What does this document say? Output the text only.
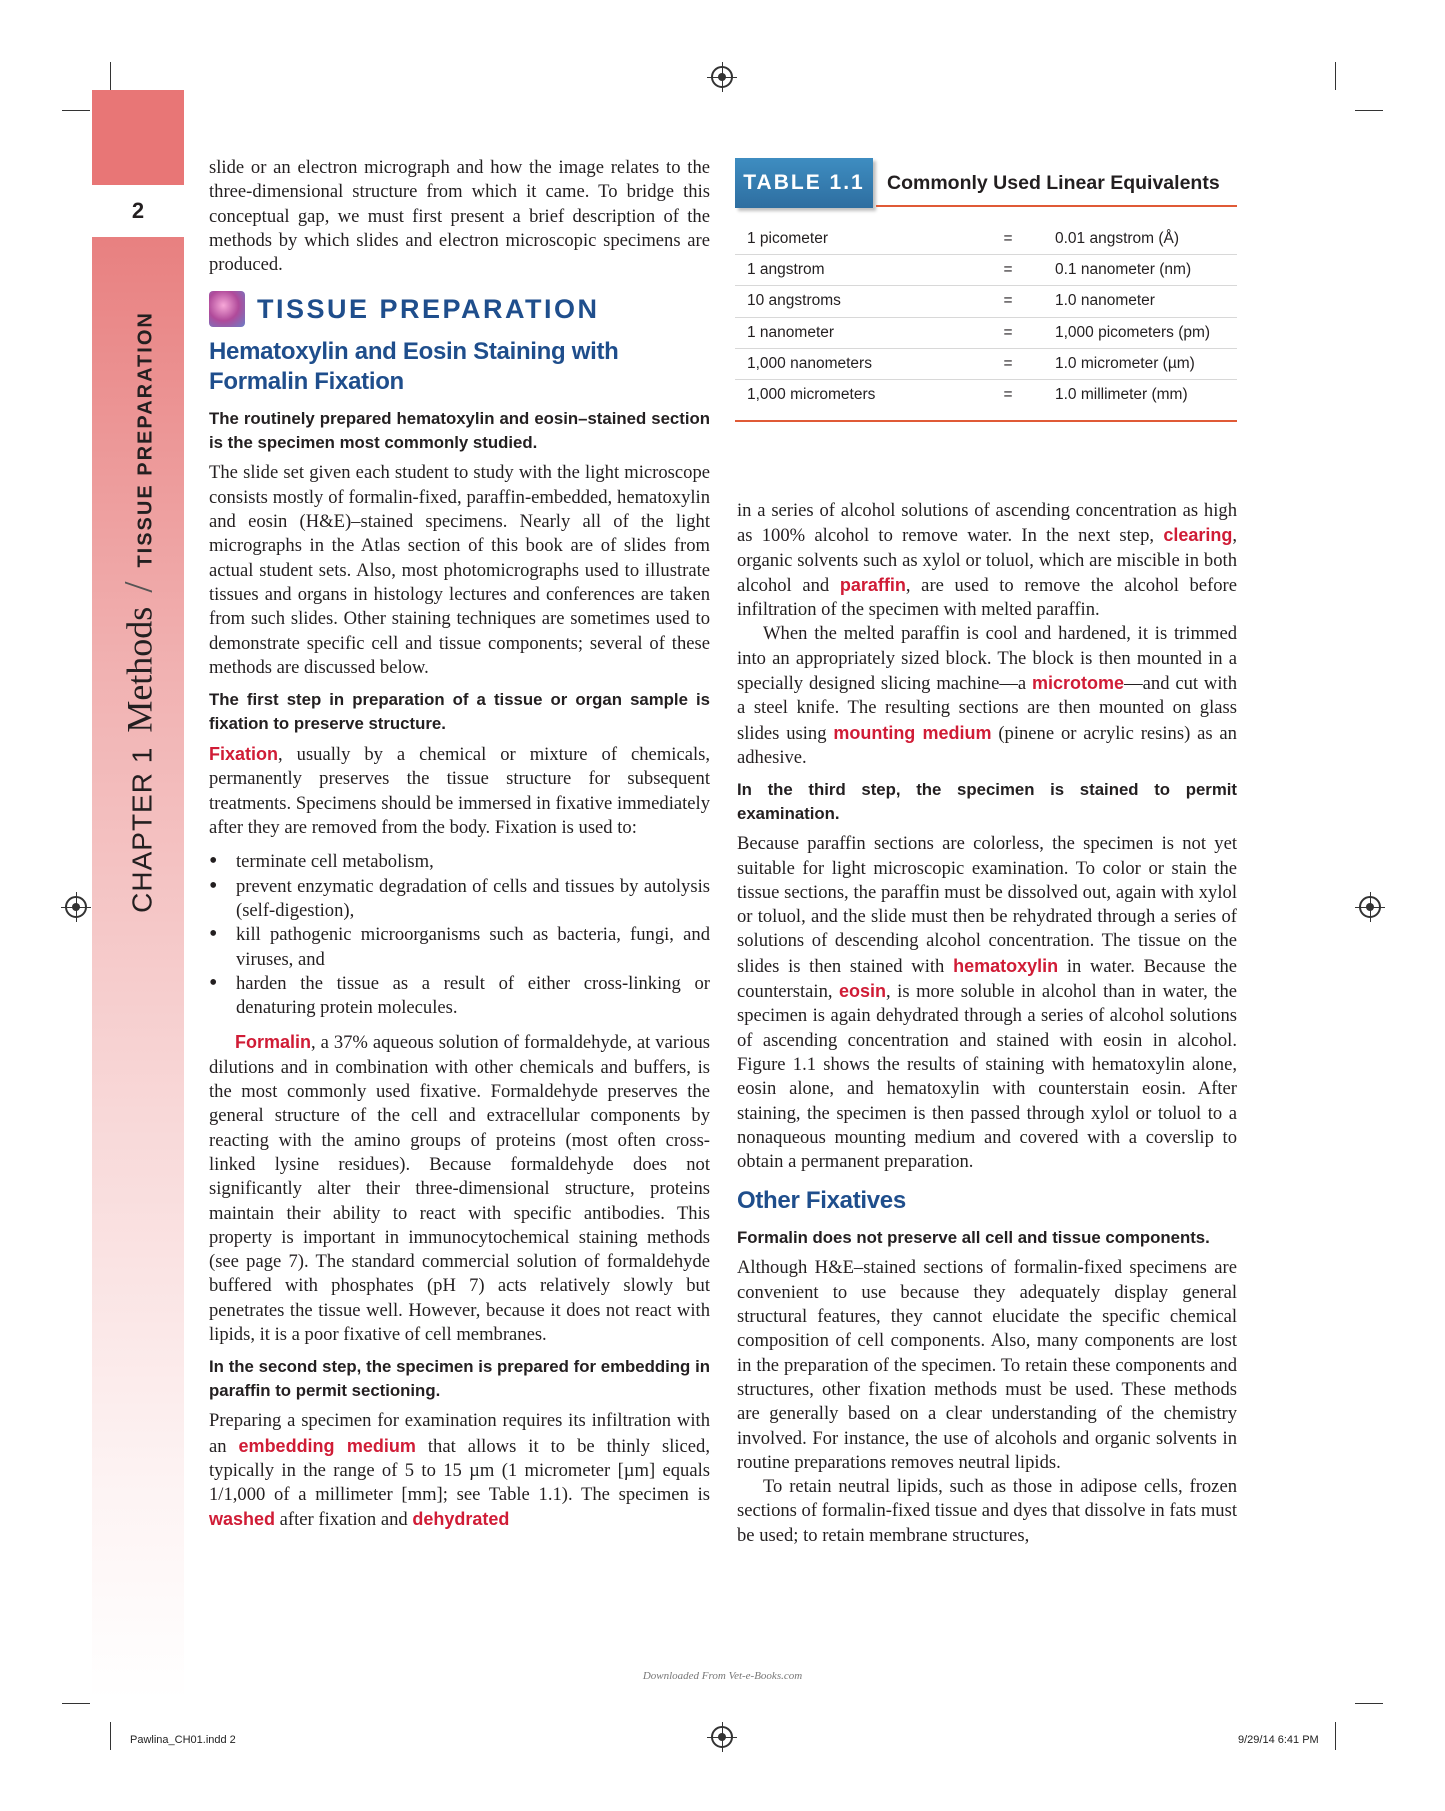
2
CHAPTER 1
Methods
/
TISSUE PREPARATION

slide or an electron micrograph and how the image relates to the three-dimensional structure from which it came. To bridge this conceptual gap, we must first present a brief description of the methods by which slides and electron microscopic specimens are produced.

TISSUE PREPARATION
Hematoxylin and Eosin Staining with Formalin Fixation
The routinely prepared hematoxylin and eosin–stained section is the specimen most commonly studied.

The slide set given each student to study with the light microscope consists mostly of formalin-fixed, paraffin-embedded, hematoxylin and eosin (H&E)–stained specimens. Nearly all of the light micrographs in the Atlas section of this book are of slides from actual student sets. Also, most photomicrographs used to illustrate tissues and organs in histology lectures and conferences are taken from such slides. Other staining techniques are sometimes used to demonstrate specific cell and tissue components; several of these methods are discussed below.

The first step in preparation of a tissue or organ sample is fixation to preserve structure.

Fixation, usually by a chemical or mixture of chemicals, permanently preserves the tissue structure for subsequent treatments. Specimens should be immersed in fixative immediately after they are removed from the body. Fixation is used to:

• terminate cell metabolism,
• prevent enzymatic degradation of cells and tissues by autolysis (self-digestion),
• kill pathogenic microorganisms such as bacteria, fungi, and viruses, and
• harden the tissue as a result of either cross-linking or denaturing protein molecules.

Formalin, a 37% aqueous solution of formaldehyde, at various dilutions and in combination with other chemicals and buffers, is the most commonly used fixative. Formaldehyde preserves the general structure of the cell and extracellular components by reacting with the amino groups of proteins (most often cross-linked lysine residues). Because formaldehyde does not significantly alter their three-dimensional structure, proteins maintain their ability to react with specific antibodies. This property is important in immunocytochemical staining methods (see page 7). The standard commercial solution of formaldehyde buffered with phosphates (pH 7) acts relatively slowly but penetrates the tissue well. However, because it does not react with lipids, it is a poor fixative of cell membranes.

In the second step, the specimen is prepared for embedding in paraffin to permit sectioning.

Preparing a specimen for examination requires its infiltration with an embedding medium that allows it to be thinly sliced, typically in the range of 5 to 15 µm (1 micrometer [µm] equals 1/1,000 of a millimeter [mm]; see Table 1.1). The specimen is washed after fixation and dehydrated

TABLE 1.1	Commonly Used Linear Equivalents
1 picometer	=	0.01 angstrom (Å)
1 angstrom	=	0.1 nanometer (nm)
10 angstroms	=	1.0 nanometer
1 nanometer	=	1,000 picometers (pm)
1,000 nanometers	=	1.0 micrometer (µm)
1,000 micrometers	=	1.0 millimeter (mm)

in a series of alcohol solutions of ascending concentration as high as 100% alcohol to remove water. In the next step, clearing, organic solvents such as xylol or toluol, which are miscible in both alcohol and paraffin, are used to remove the alcohol before infiltration of the specimen with melted paraffin.

When the melted paraffin is cool and hardened, it is trimmed into an appropriately sized block. The block is then mounted in a specially designed slicing machine—a microtome—and cut with a steel knife. The resulting sections are then mounted on glass slides using mounting medium (pinene or acrylic resins) as an adhesive.

In the third step, the specimen is stained to permit examination.

Because paraffin sections are colorless, the specimen is not yet suitable for light microscopic examination. To color or stain the tissue sections, the paraffin must be dissolved out, again with xylol or toluol, and the slide must then be rehydrated through a series of solutions of descending alcohol concentration. The tissue on the slides is then stained with hematoxylin in water. Because the counterstain, eosin, is more soluble in alcohol than in water, the specimen is again dehydrated through a series of alcohol solutions of ascending concentration and stained with eosin in alcohol. Figure 1.1 shows the results of staining with hematoxylin alone, eosin alone, and hematoxylin with counterstain eosin. After staining, the specimen is then passed through xylol or toluol to a nonaqueous mounting medium and covered with a coverslip to obtain a permanent preparation.

Other Fixatives
Formalin does not preserve all cell and tissue components.

Although H&E–stained sections of formalin-fixed specimens are convenient to use because they adequately display general structural features, they cannot elucidate the specific chemical composition of cell components. Also, many components are lost in the preparation of the specimen. To retain these components and structures, other fixation methods must be used. These methods are generally based on a clear understanding of the chemistry involved. For instance, the use of alcohols and organic solvents in routine preparations removes neutral lipids.

To retain neutral lipids, such as those in adipose cells, frozen sections of formalin-fixed tissue and dyes that dissolve in fats must be used; to retain membrane structures,

Downloaded From Vet-e-Books.com
Pawlina_CH01.indd 2	9/29/14 6:41 PM
